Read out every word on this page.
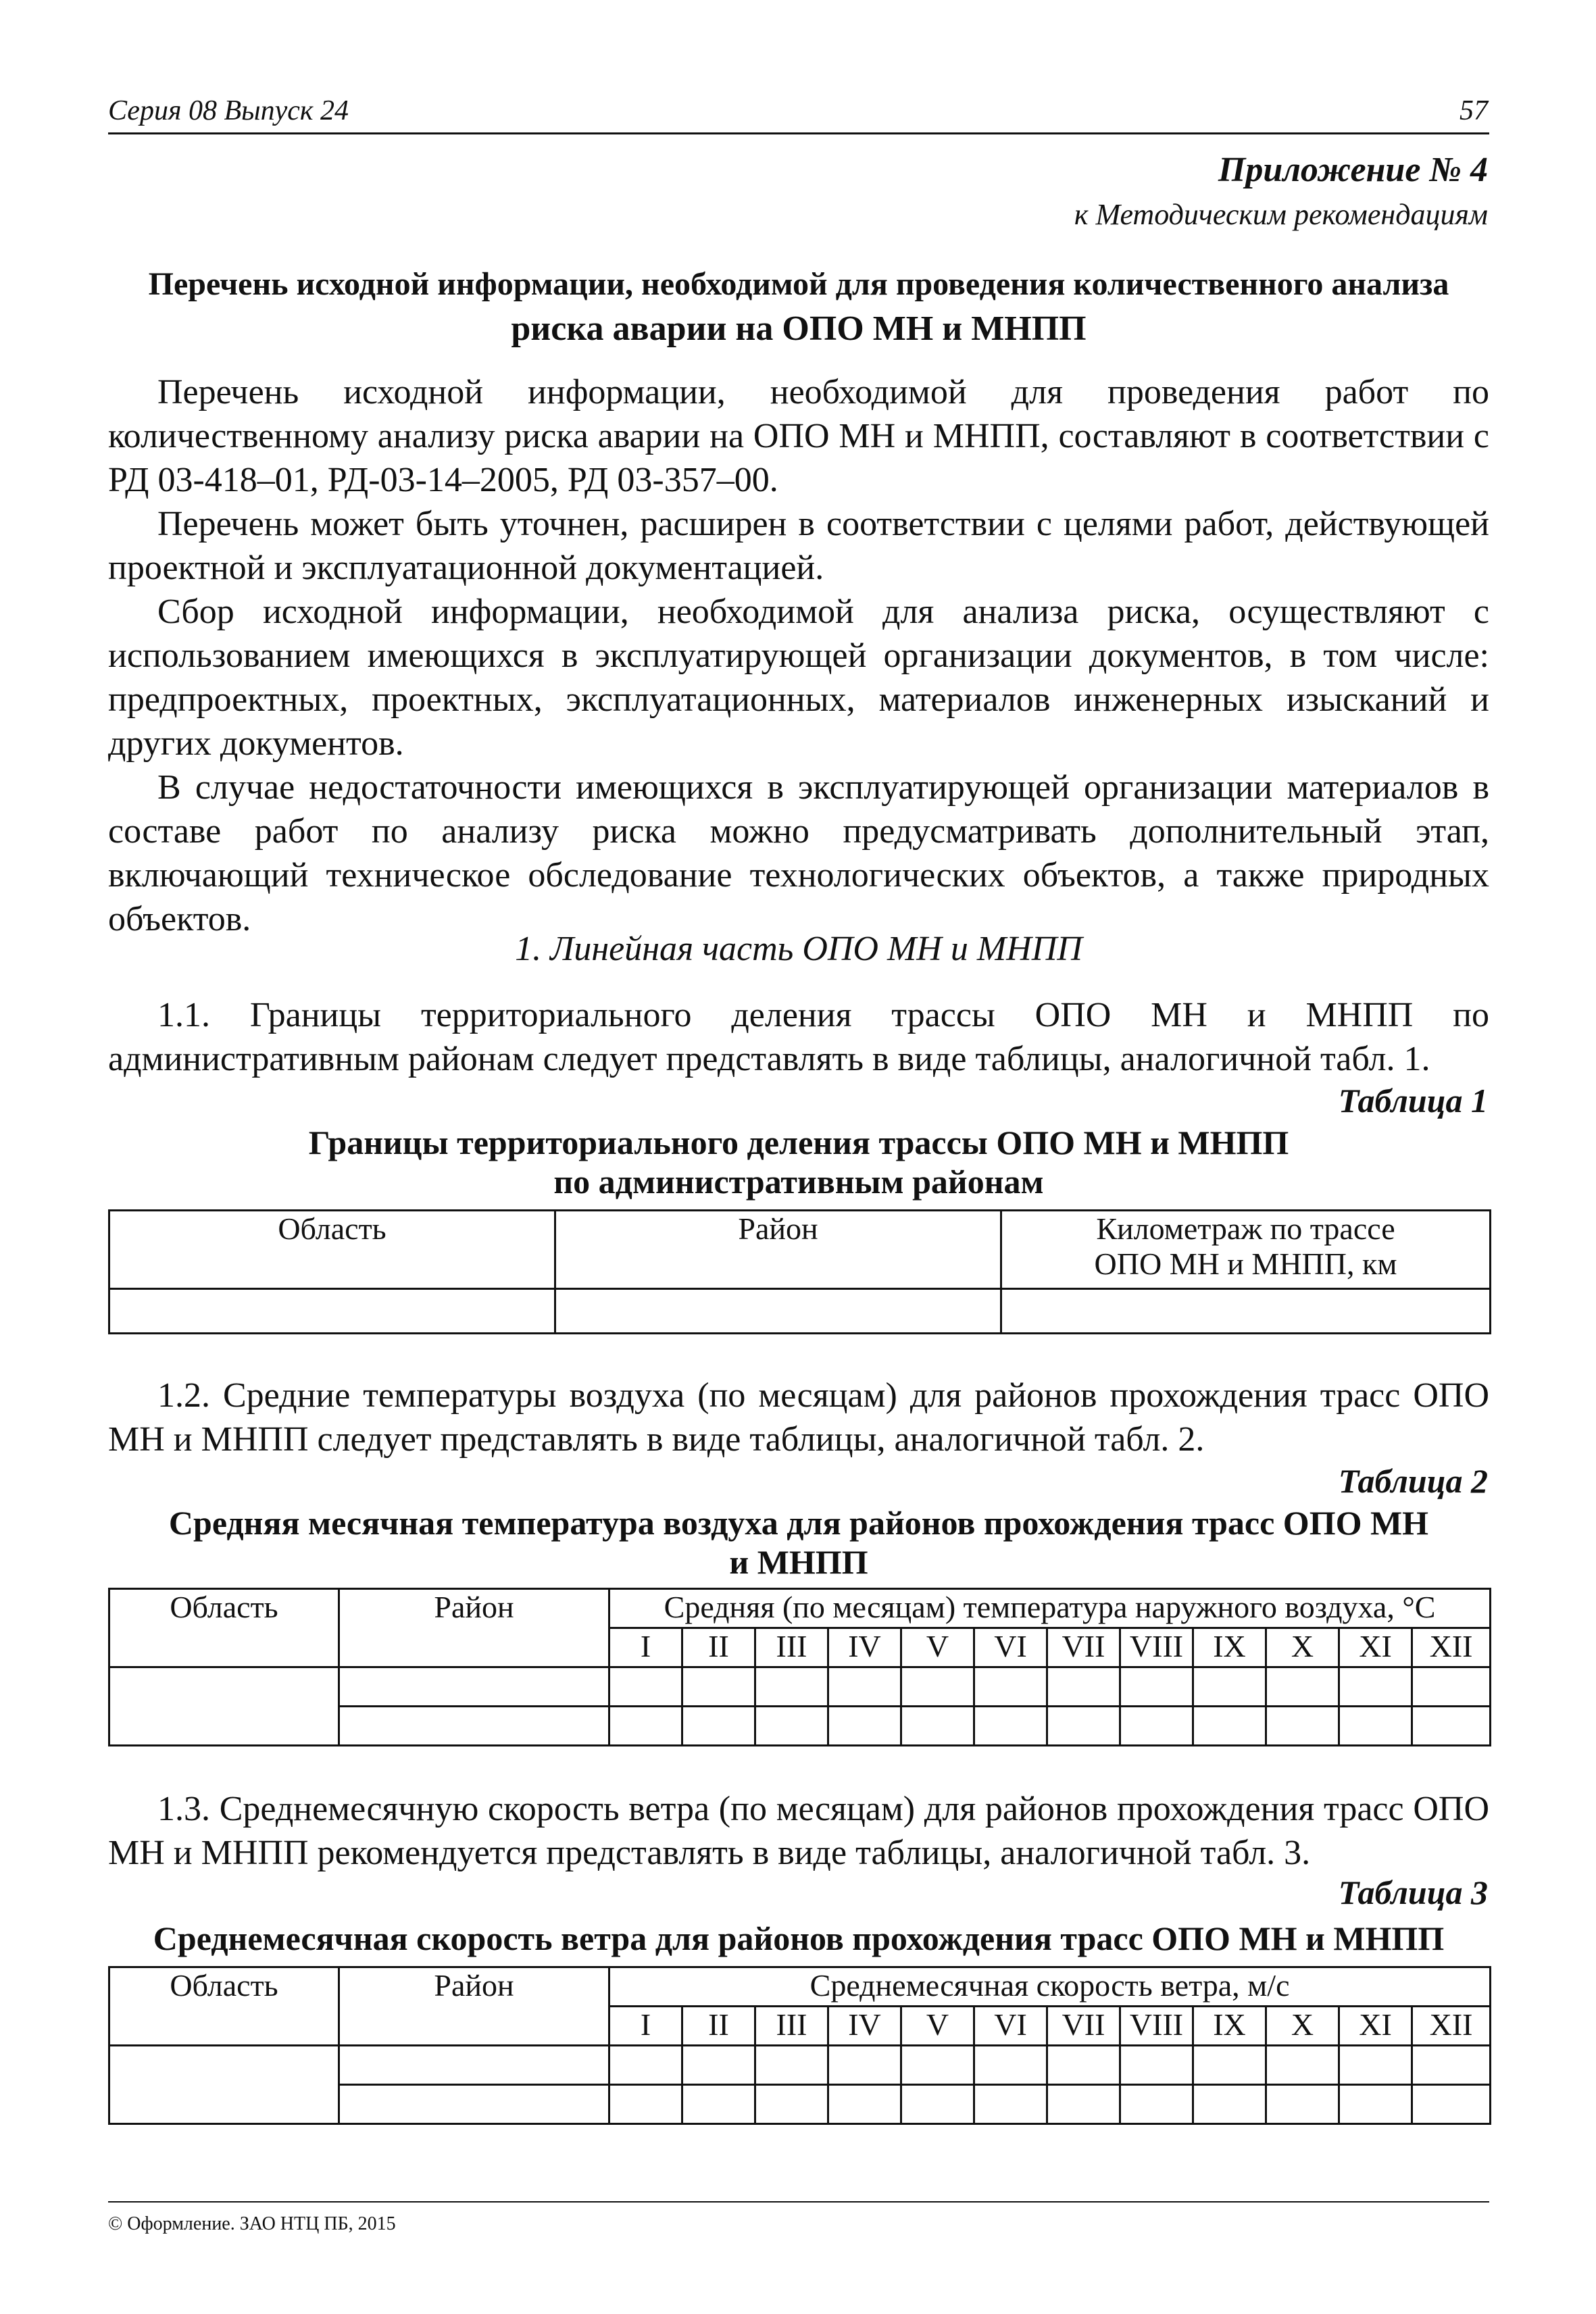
Серия 08 Выпуск 24	57
Приложение № 4
к Методическим рекомендациям
Перечень исходной информации, необходимой для проведения количественного анализа
риска аварии на ОПО МН и МНПП

Перечень исходной информации, необходимой для проведения работ по количественному анализу риска аварии на ОПО МН и МНПП, составляют в соответствии с РД 03-418–01, РД-03-14–2005, РД 03-357–00.

Перечень может быть уточнен, расширен в соответствии с целями работ, действующей проектной и эксплуатационной документацией.

Сбор исходной информации, необходимой для анализа риска, осуществляют с использованием имеющихся в эксплуатирующей организации документов, в том числе: предпроектных, проектных, эксплуатационных, материалов инженерных изысканий и других документов.

В случае недостаточности имеющихся в эксплуатирующей организации материалов в составе работ по анализу риска можно предусматривать дополнительный этап, включающий техническое обследование технологических объектов, а также природных объектов.

1. Линейная часть ОПО МН и МНПП

1.1. Границы территориального деления трассы ОПО МН и МНПП по административным районам следует представлять в виде таблицы, аналогичной табл. 1.

Таблица 1
Границы территориального деления трассы ОПО МН и МНПП
по административным районам
Область	Район	Километраж по трассе
ОПО МН и МНПП, км

1.2. Средние температуры воздуха (по месяцам) для районов прохождения трасс ОПО МН и МНПП следует представлять в виде таблицы, аналогичной табл. 2.

Таблица 2
Средняя месячная температура воздуха для районов прохождения трасс ОПО МН
и МНПП
Область	Район	Средняя (по месяцам) температура наружного воздуха, °С											
		I	II	III	IV	V	VI	VII	VIII	IX	X	XI	XII

1.3. Среднемесячную скорость ветра (по месяцам) для районов прохождения трасс ОПО МН и МНПП рекомендуется представлять в виде таблицы, аналогичной табл. 3.

Таблица 3
Среднемесячная скорость ветра для районов прохождения трасс ОПО МН и МНПП
Область	Район	Среднемесячная скорость ветра, м/с											
		I	II	III	IV	V	VI	VII	VIII	IX	X	XI	XII

© Оформление. ЗАО НТЦ ПБ, 2015
